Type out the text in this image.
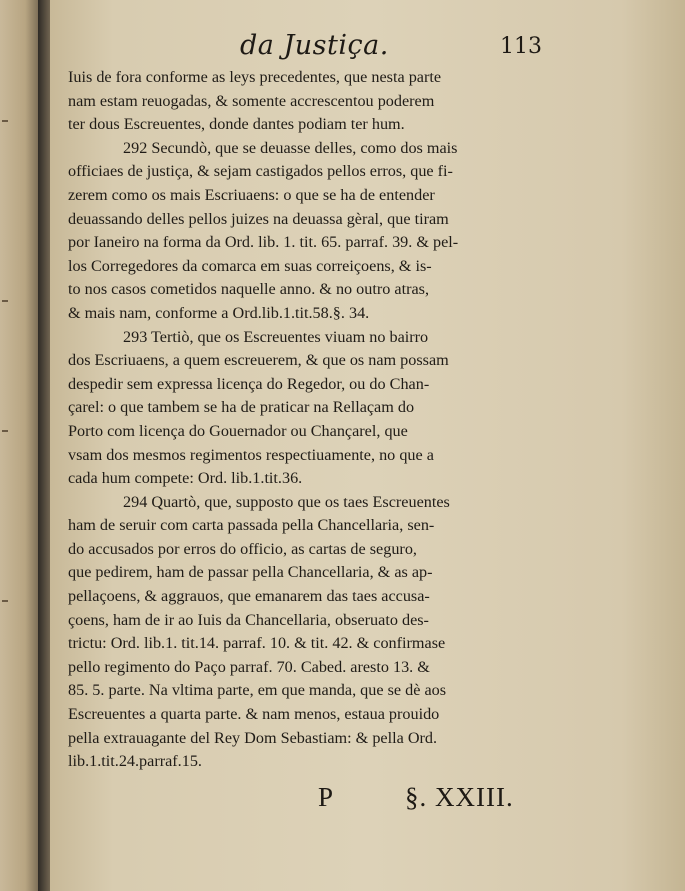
da Justiça.	113
Iuis de fora conforme as leys precedentes, que nesta parte
nam estam reuogadas, & somente accrescentou poderem
ter dous Escreuentes, donde dantes podiam ter hum.
292 Secundò, que se deuasse delles, como dos mais
officiaes de justiça, & sejam castigados pellos erros, que fi-
zerem como os mais Escriuaens: o que se ha de entender
deuassando delles pellos juizes na deuassa gèral, que tiram
por Ianeiro na forma da Ord. lib. 1. tit. 65. parraf. 39. & pel-
los Corregedores da comarca em suas correiçoens, & is-
to nos casos cometidos naquelle anno. & no outro atras,
& mais nam, conforme a Ord.lib.1.tit.58.§. 34.
293 Tertiò, que os Escreuentes viuam no bairro
dos Escriuaens, a quem escreuerem, & que os nam possam
despedir sem expressa licença do Regedor, ou do Chan-
çarel: o que tambem se ha de praticar na Rellaçam do
Porto com licença do Gouernador ou Chançarel, que
vsam dos mesmos regimentos respectiuamente, no que a
cada hum compete: Ord. lib.1.tit.36.
294 Quartò, que, supposto que os taes Escreuentes
ham de seruir com carta passada pella Chancellaria, sen-
do accusados por erros do officio, as cartas de seguro,
que pedirem, ham de passar pella Chancellaria, & as ap-
pellaçoens, & aggrauos, que emanarem das taes accusa-
çoens, ham de ir ao Iuis da Chancellaria, obseruato des-
trictu: Ord. lib.1. tit.14. parraf. 10. & tit. 42. & confirmase
pello regimento do Paço parraf. 70. Cabed. aresto 13. &
85. 5. parte. Na vltima parte, em que manda, que se dè aos
Escreuentes a quarta parte. & nam menos, estaua prouido
pella extrauagante del Rey Dom Sebastiam: & pella Ord.
lib.1.tit.24.parraf.15.
P	§. XXIII.
